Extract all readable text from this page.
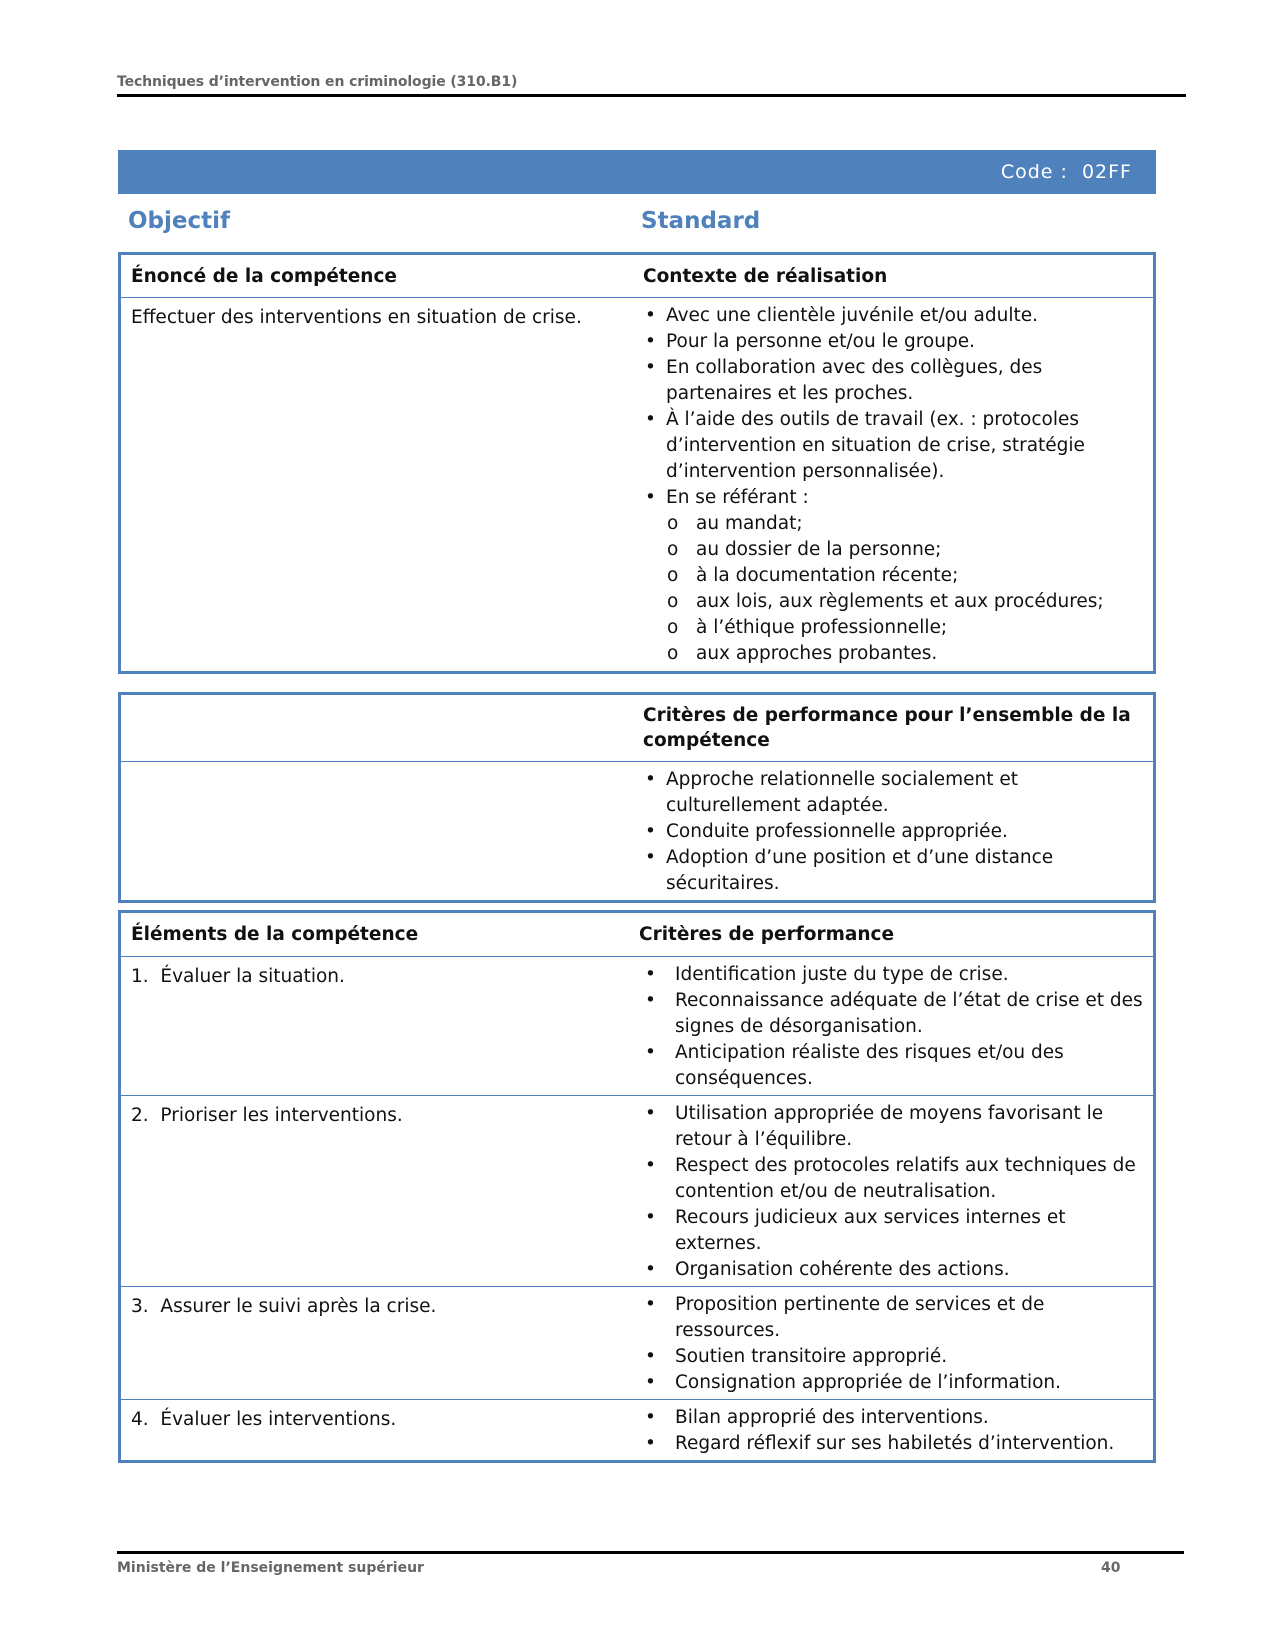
Techniques d’intervention en criminologie (310.B1)
Code : 02FF
Objectif	Standard
Énoncé de la compétence	Contexte de réalisation
Effectuer des interventions en situation de crise.	• Avec une clientèle juvénile et/ou adulte.
• Pour la personne et/ou le groupe.
• En collaboration avec des collègues, des partenaires et les proches.
• À l’aide des outils de travail (ex. : protocoles d’intervention en situation de crise, stratégie d’intervention personnalisée).
• En se référant :
o au mandat;
o au dossier de la personne;
o à la documentation récente;
o aux lois, aux règlements et aux procédures;
o à l’éthique professionnelle;
o aux approches probantes.
Critères de performance pour l’ensemble de la compétence
• Approche relationnelle socialement et culturellement adaptée.
• Conduite professionnelle appropriée.
• Adoption d’une position et d’une distance sécuritaires.
Éléments de la compétence	Critères de performance
1.  Évaluer la situation.	• Identification juste du type de crise.
• Reconnaissance adéquate de l’état de crise et des signes de désorganisation.
• Anticipation réaliste des risques et/ou des conséquences.
2.  Prioriser les interventions.	• Utilisation appropriée de moyens favorisant le retour à l’équilibre.
• Respect des protocoles relatifs aux techniques de contention et/ou de neutralisation.
• Recours judicieux aux services internes et externes.
• Organisation cohérente des actions.
3.  Assurer le suivi après la crise.	• Proposition pertinente de services et de ressources.
• Soutien transitoire approprié.
• Consignation appropriée de l’information.
4.  Évaluer les interventions.	• Bilan approprié des interventions.
• Regard réflexif sur ses habiletés d’intervention.
Ministère de l’Enseignement supérieur	40
